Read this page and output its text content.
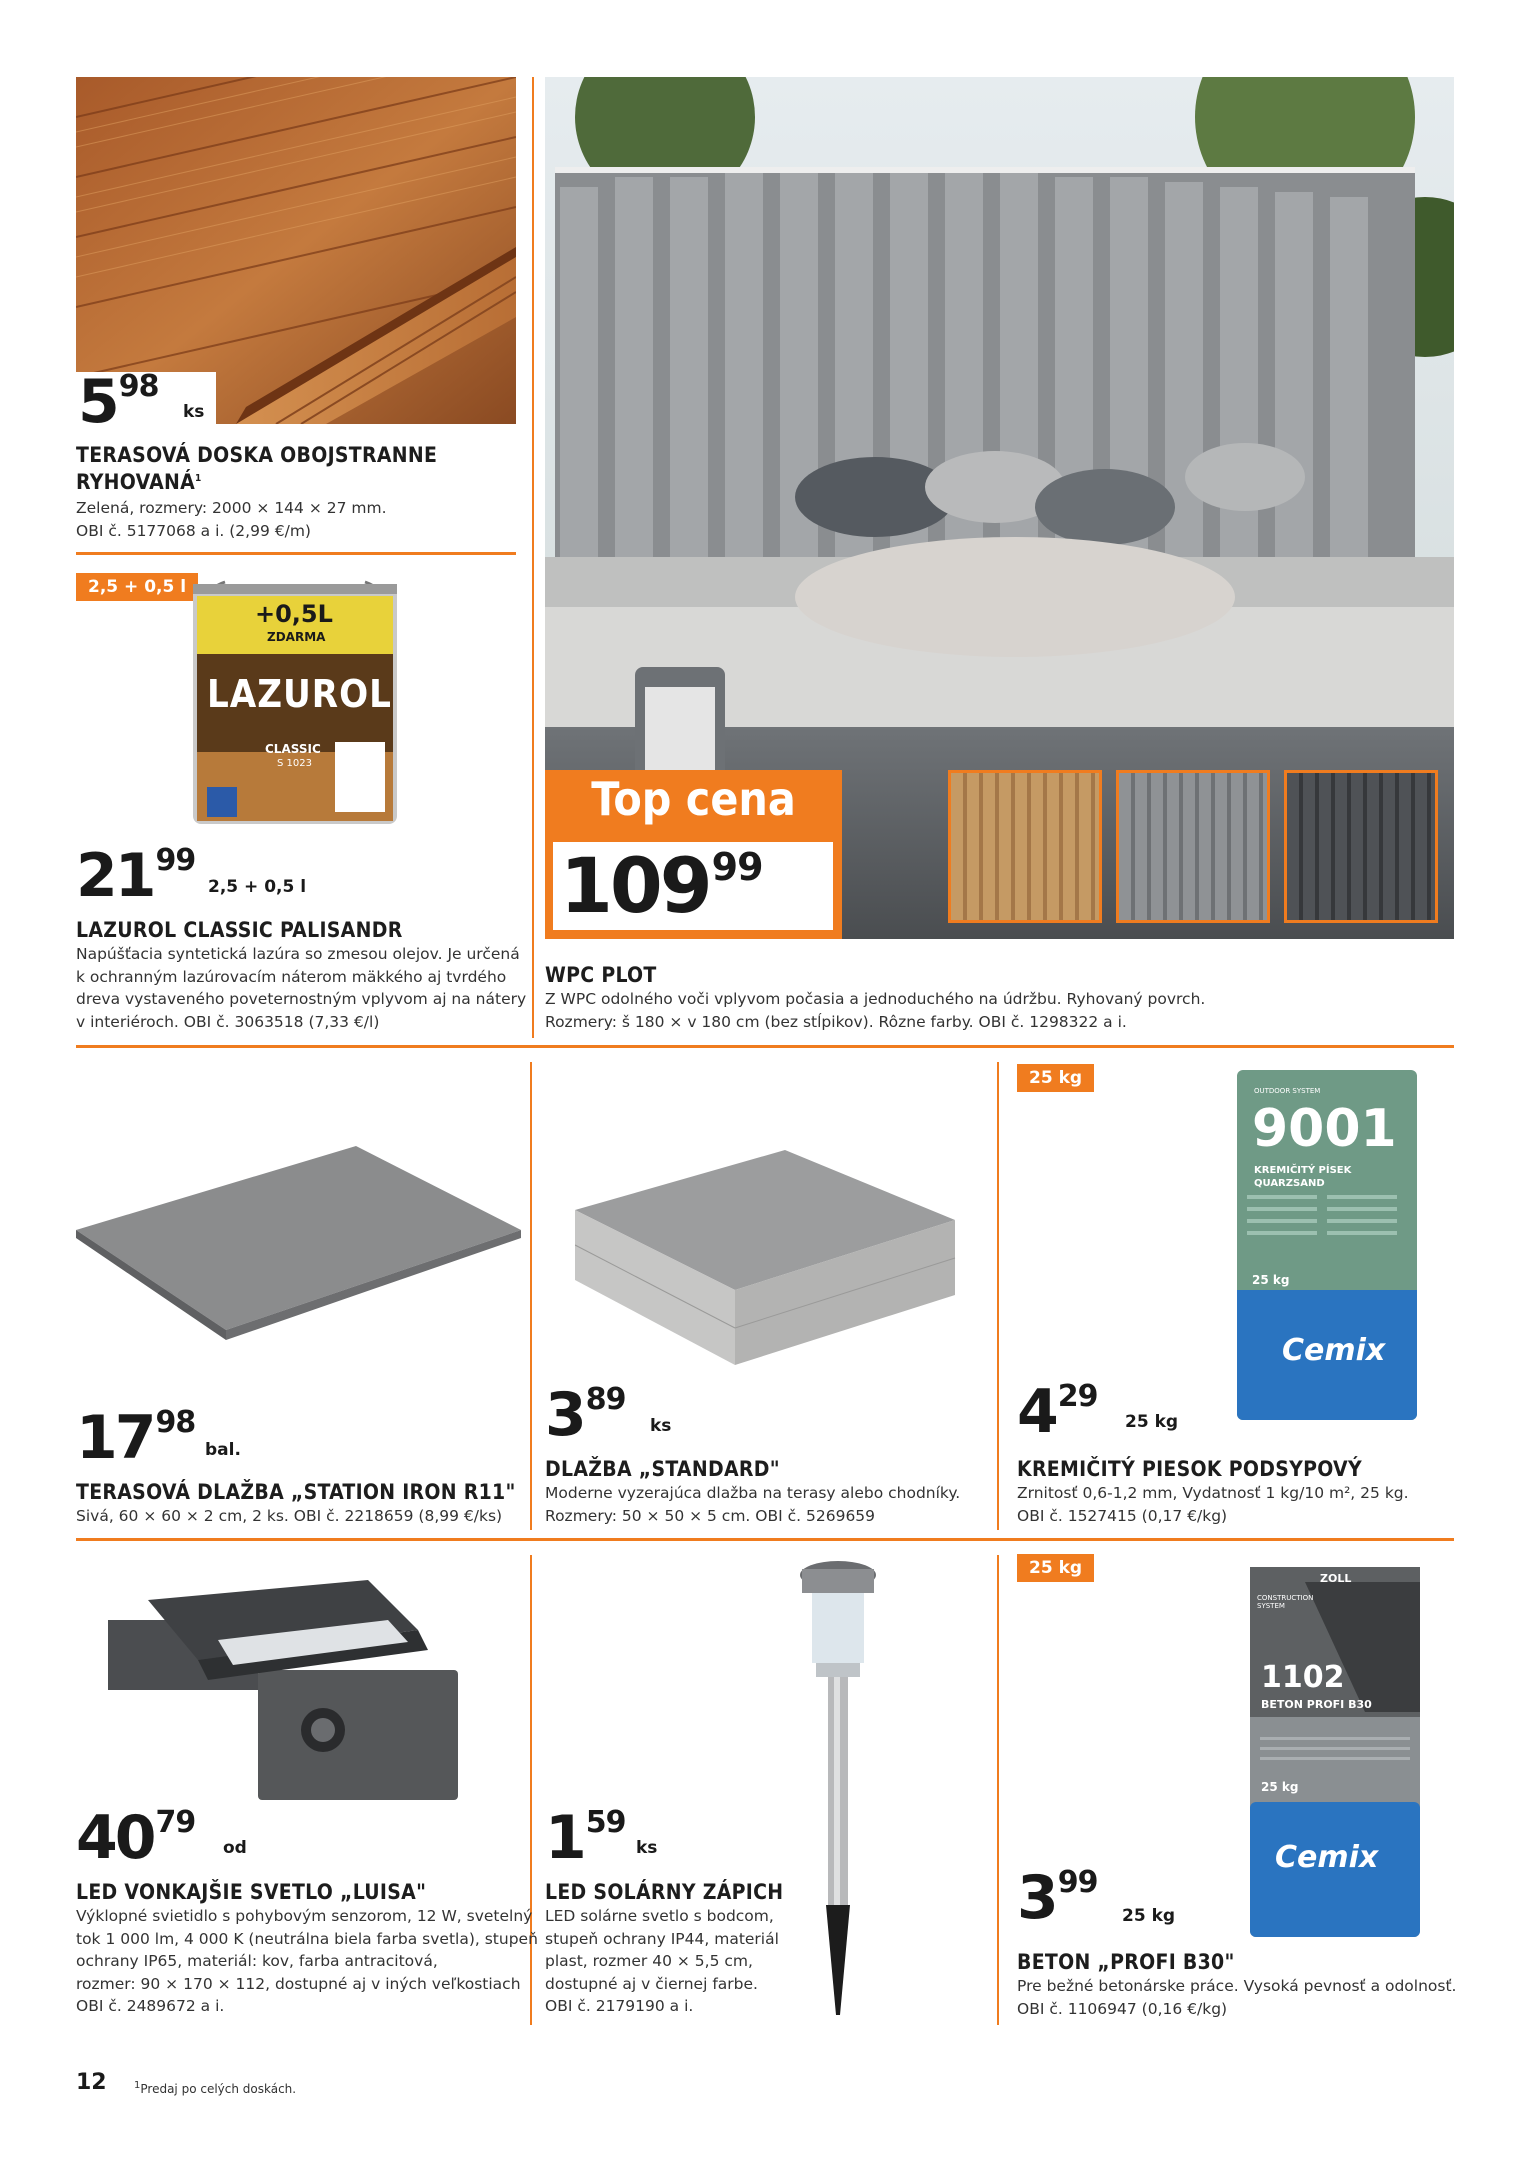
598
ks
TERASOVÁ DOSKA OBOJSTRANNE
RYHOVANÁ$^1$
Zelená, rozmery: 2000 × 144 × 27 mm.
OBI č. 5177068 a i. (2,99 €/m)
2,5 + 0,5 l
+0,5L
ZDARMA
LAZUROL
CLASSIC
S 1023
2199
2,5 + 0,5 l
LAZUROL CLASSIC PALISANDR
Napúšťacia syntetická lazúra so zmesou olejov. Je určená
k ochranným lazúrovacím náterom mäkkého aj tvrdého
dreva vystaveného poveternostným vplyvom aj na nátery
v interiéroch. OBI č. 3063518 (7,33 €/l)
Top cena
10999
WPC PLOT
Z WPC odolného voči vplyvom počasia a jednoduchého na údržbu. Ryhovaný povrch.
Rozmery: š 180 × v 180 cm (bez stĺpikov). Rôzne farby. OBI č. 1298322 a i.
1798
bal.
TERASOVÁ DLAŽBA „STATION IRON R11"
Sivá, 60 × 60 × 2 cm, 2 ks. OBI č. 2218659 (8,99 €/ks)
389
ks
DLAŽBA „STANDARD"
Moderne vyzerajúca dlažba na terasy alebo chodníky.
Rozmery: 50 × 50 × 5 cm. OBI č. 5269659
25 kg
OUTDOOR SYSTEM
9001
KREMIČITÝ PÍSEK
QUARZSAND
25 kg
Cemix
429
25 kg
KREMIČITÝ PIESOK PODSYPOVÝ
Zrnitosť 0,6-1,2 mm, Vydatnosť 1 kg/10 m², 25 kg.
OBI č. 1527415 (0,17 €/kg)
4079
od
LED VONKAJŠIE SVETLO „LUISA"
Výklopné svietidlo s pohybovým senzorom, 12 W, svetelný
tok 1 000 lm, 4 000 K (neutrálna biela farba svetla), stupeň
ochrany IP65, materiál: kov, farba antracitová,
rozmer: 90 × 170 × 112, dostupné aj v iných veľkostiach
OBI č. 2489672 a i.
159
ks
LED SOLÁRNY ZÁPICH
LED solárne svetlo s bodcom,
stupeň ochrany IP44, materiál
plast, rozmer 40 × 5,5 cm,
dostupné aj v čiernej farbe.
OBI č. 2179190 a i.
25 kg
ZOLL
CONSTRUCTION SYSTEM
1102
BETON PROFI B30
25 kg
Cemix
399
25 kg
BETON „PROFI B30"
Pre bežné betonárske práce. Vysoká pevnosť a odolnosť.
OBI č. 1106947 (0,16 €/kg)
12	$^1$Predaj po celých doskách.
